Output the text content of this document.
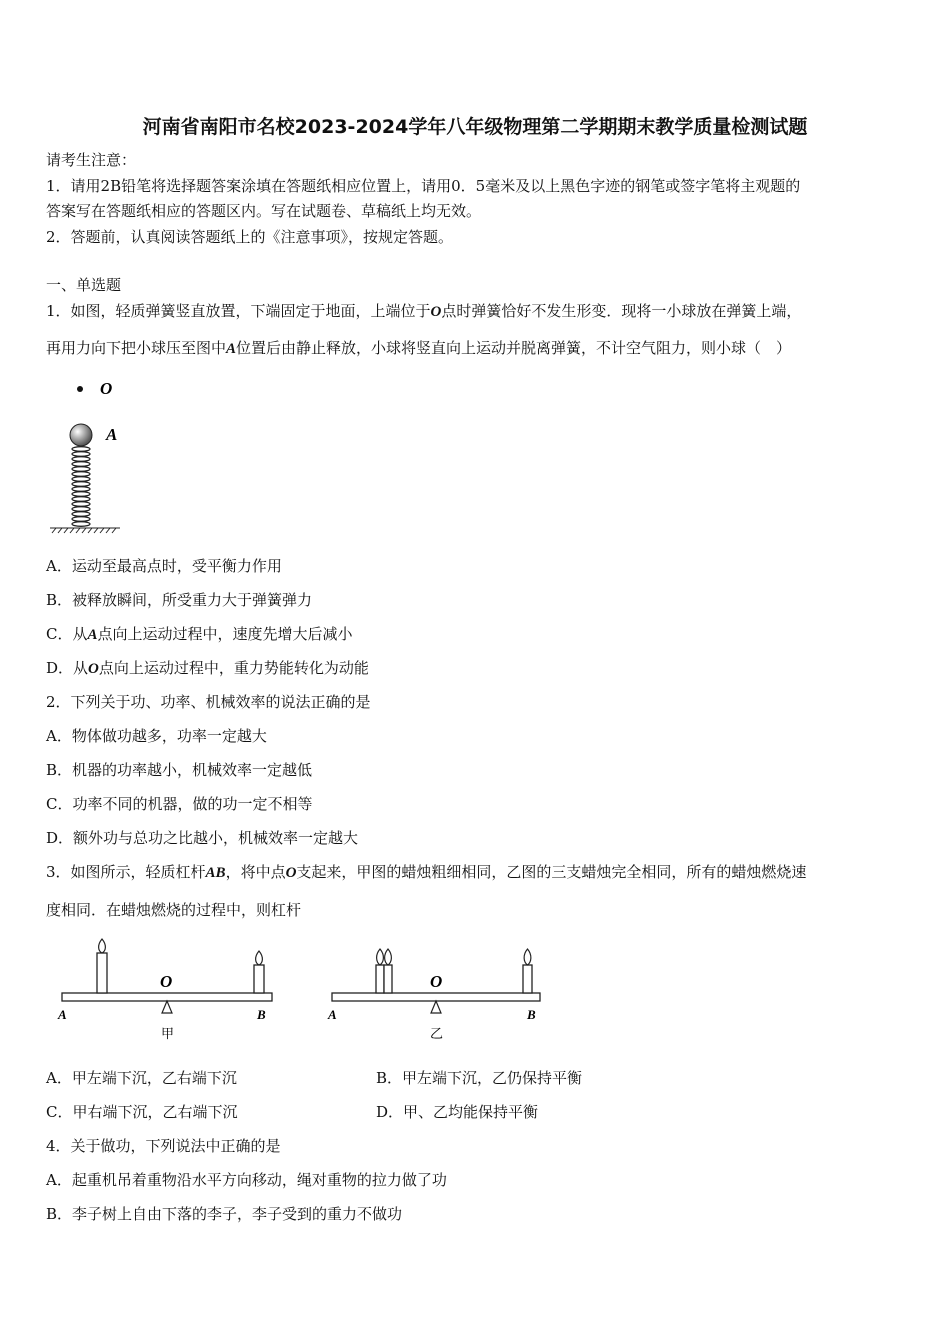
河南省南阳市名校2023-2024学年八年级物理第二学期期末教学质量检测试题
请考生注意：
1．请用2B铅笔将选择题答案涂填在答题纸相应位置上，请用0．5毫米及以上黑色字迹的钢笔或签字笔将主观题的
答案写在答题纸相应的答题区内。写在试题卷、草稿纸上均无效。
2．答题前，认真阅读答题纸上的《注意事项》，按规定答题。
一、单选题
1．如图，轻质弹簧竖直放置，下端固定于地面，上端位于O点时弹簧恰好不发生形变．现将一小球放在弹簧上端，
再用力向下把小球压至图中A位置后由静止释放，小球将竖直向上运动并脱离弹簧，不计空气阻力，则小球（　）
O
A
A．运动至最高点时，受平衡力作用
B．被释放瞬间，所受重力大于弹簧弹力
C．从A点向上运动过程中，速度先增大后减小
D．从O点向上运动过程中，重力势能转化为动能
2．下列关于功、功率、机械效率的说法正确的是
A．物体做功越多，功率一定越大
B．机器的功率越小，机械效率一定越低
C．功率不同的机器，做的功一定不相等
D．额外功与总功之比越小，机械效率一定越大
3．如图所示，轻质杠杆AB，将中点O支起来，甲图的蜡烛粗细相同，乙图的三支蜡烛完全相同，所有的蜡烛燃烧速
度相同．在蜡烛燃烧的过程中，则杠杆
O
A	B
甲
O
A	B
乙
A．甲左端下沉，乙右端下沉	B．甲左端下沉，乙仍保持平衡
C．甲右端下沉，乙右端下沉	D．甲、乙均能保持平衡
4．关于做功，下列说法中正确的是
A．起重机吊着重物沿水平方向移动，绳对重物的拉力做了功
B．李子树上自由下落的李子，李子受到的重力不做功
